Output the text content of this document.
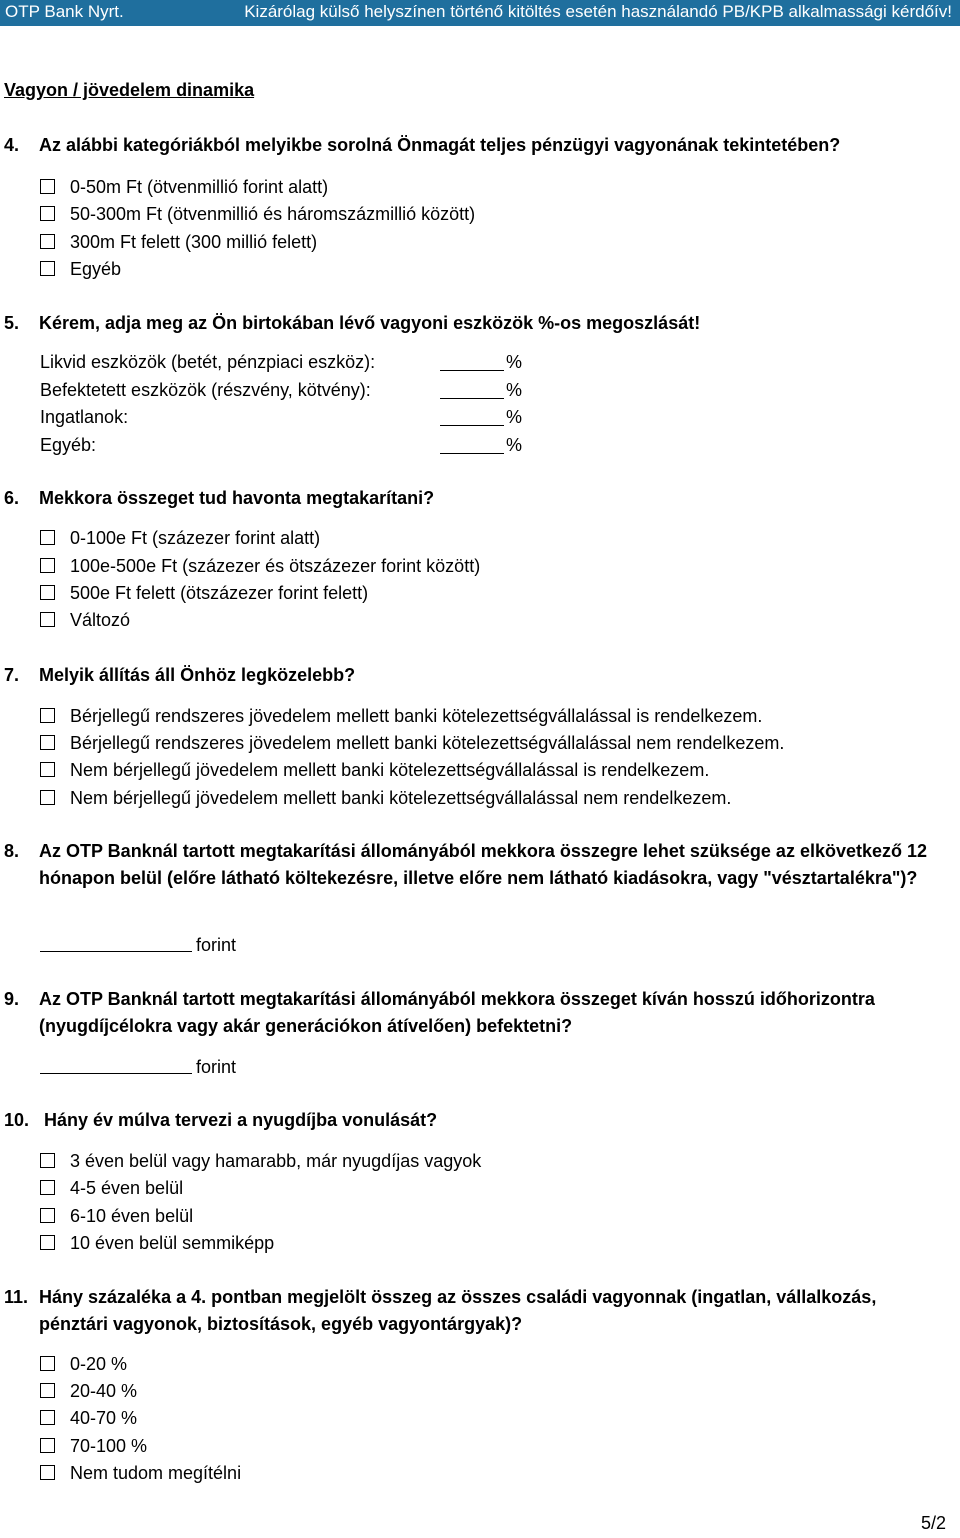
OTP Bank Nyrt.	Kizárólag külső helyszínen történő kitöltés esetén használandó PB/KPB alkalmassági kérdőív!
Vagyon / jövedelem dinamika
4. Az alábbi kategóriákból melyikbe sorolná Önmagát teljes pénzügyi vagyonának tekintetében?
0-50m Ft (ötvenmillió forint alatt)
50-300m Ft (ötvenmillió és háromszázmillió között)
300m Ft felett (300 millió felett)
Egyéb
5. Kérem, adja meg az Ön birtokában lévő vagyoni eszközök %-os megoszlását!
Likvid eszközök (betét, pénzpiaci eszköz):	%
Befektetett eszközök (részvény, kötvény):	%
Ingatlanok:	%
Egyéb:	%
6. Mekkora összeget tud havonta megtakarítani?
0-100e Ft (százezer forint alatt)
100e-500e Ft (százezer és ötszázezer forint között)
500e Ft felett (ötszázezer forint felett)
Változó
7. Melyik állítás áll Önhöz legközelebb?
Bérjellegű rendszeres jövedelem mellett banki kötelezettségvállalással is rendelkezem.
Bérjellegű rendszeres jövedelem mellett banki kötelezettségvállalással nem rendelkezem.
Nem bérjellegű jövedelem mellett banki kötelezettségvállalással is rendelkezem.
Nem bérjellegű jövedelem mellett banki kötelezettségvállalással nem rendelkezem.
8. Az OTP Banknál tartott megtakarítási állományából mekkora összegre lehet szüksége az elkövetkező 12 hónapon belül (előre látható költekezésre, illetve előre nem látható kiadásokra, vagy "vésztartalékra")?
forint
9. Az OTP Banknál tartott megtakarítási állományából mekkora összeget kíván hosszú időhorizontra (nyugdíjcélokra vagy akár generációkon átívelően) befektetni?
forint
10. Hány év múlva tervezi a nyugdíjba vonulását?
3 éven belül vagy hamarabb, már nyugdíjas vagyok
4-5 éven belül
6-10 éven belül
10 éven belül semmiképp
11. Hány százaléka a 4. pontban megjelölt összeg az összes családi vagyonnak (ingatlan, vállalkozás, pénztári vagyonok, biztosítások, egyéb vagyontárgyak)?
0-20 %
20-40 %
40-70 %
70-100 %
Nem tudom megítélni
5/2
